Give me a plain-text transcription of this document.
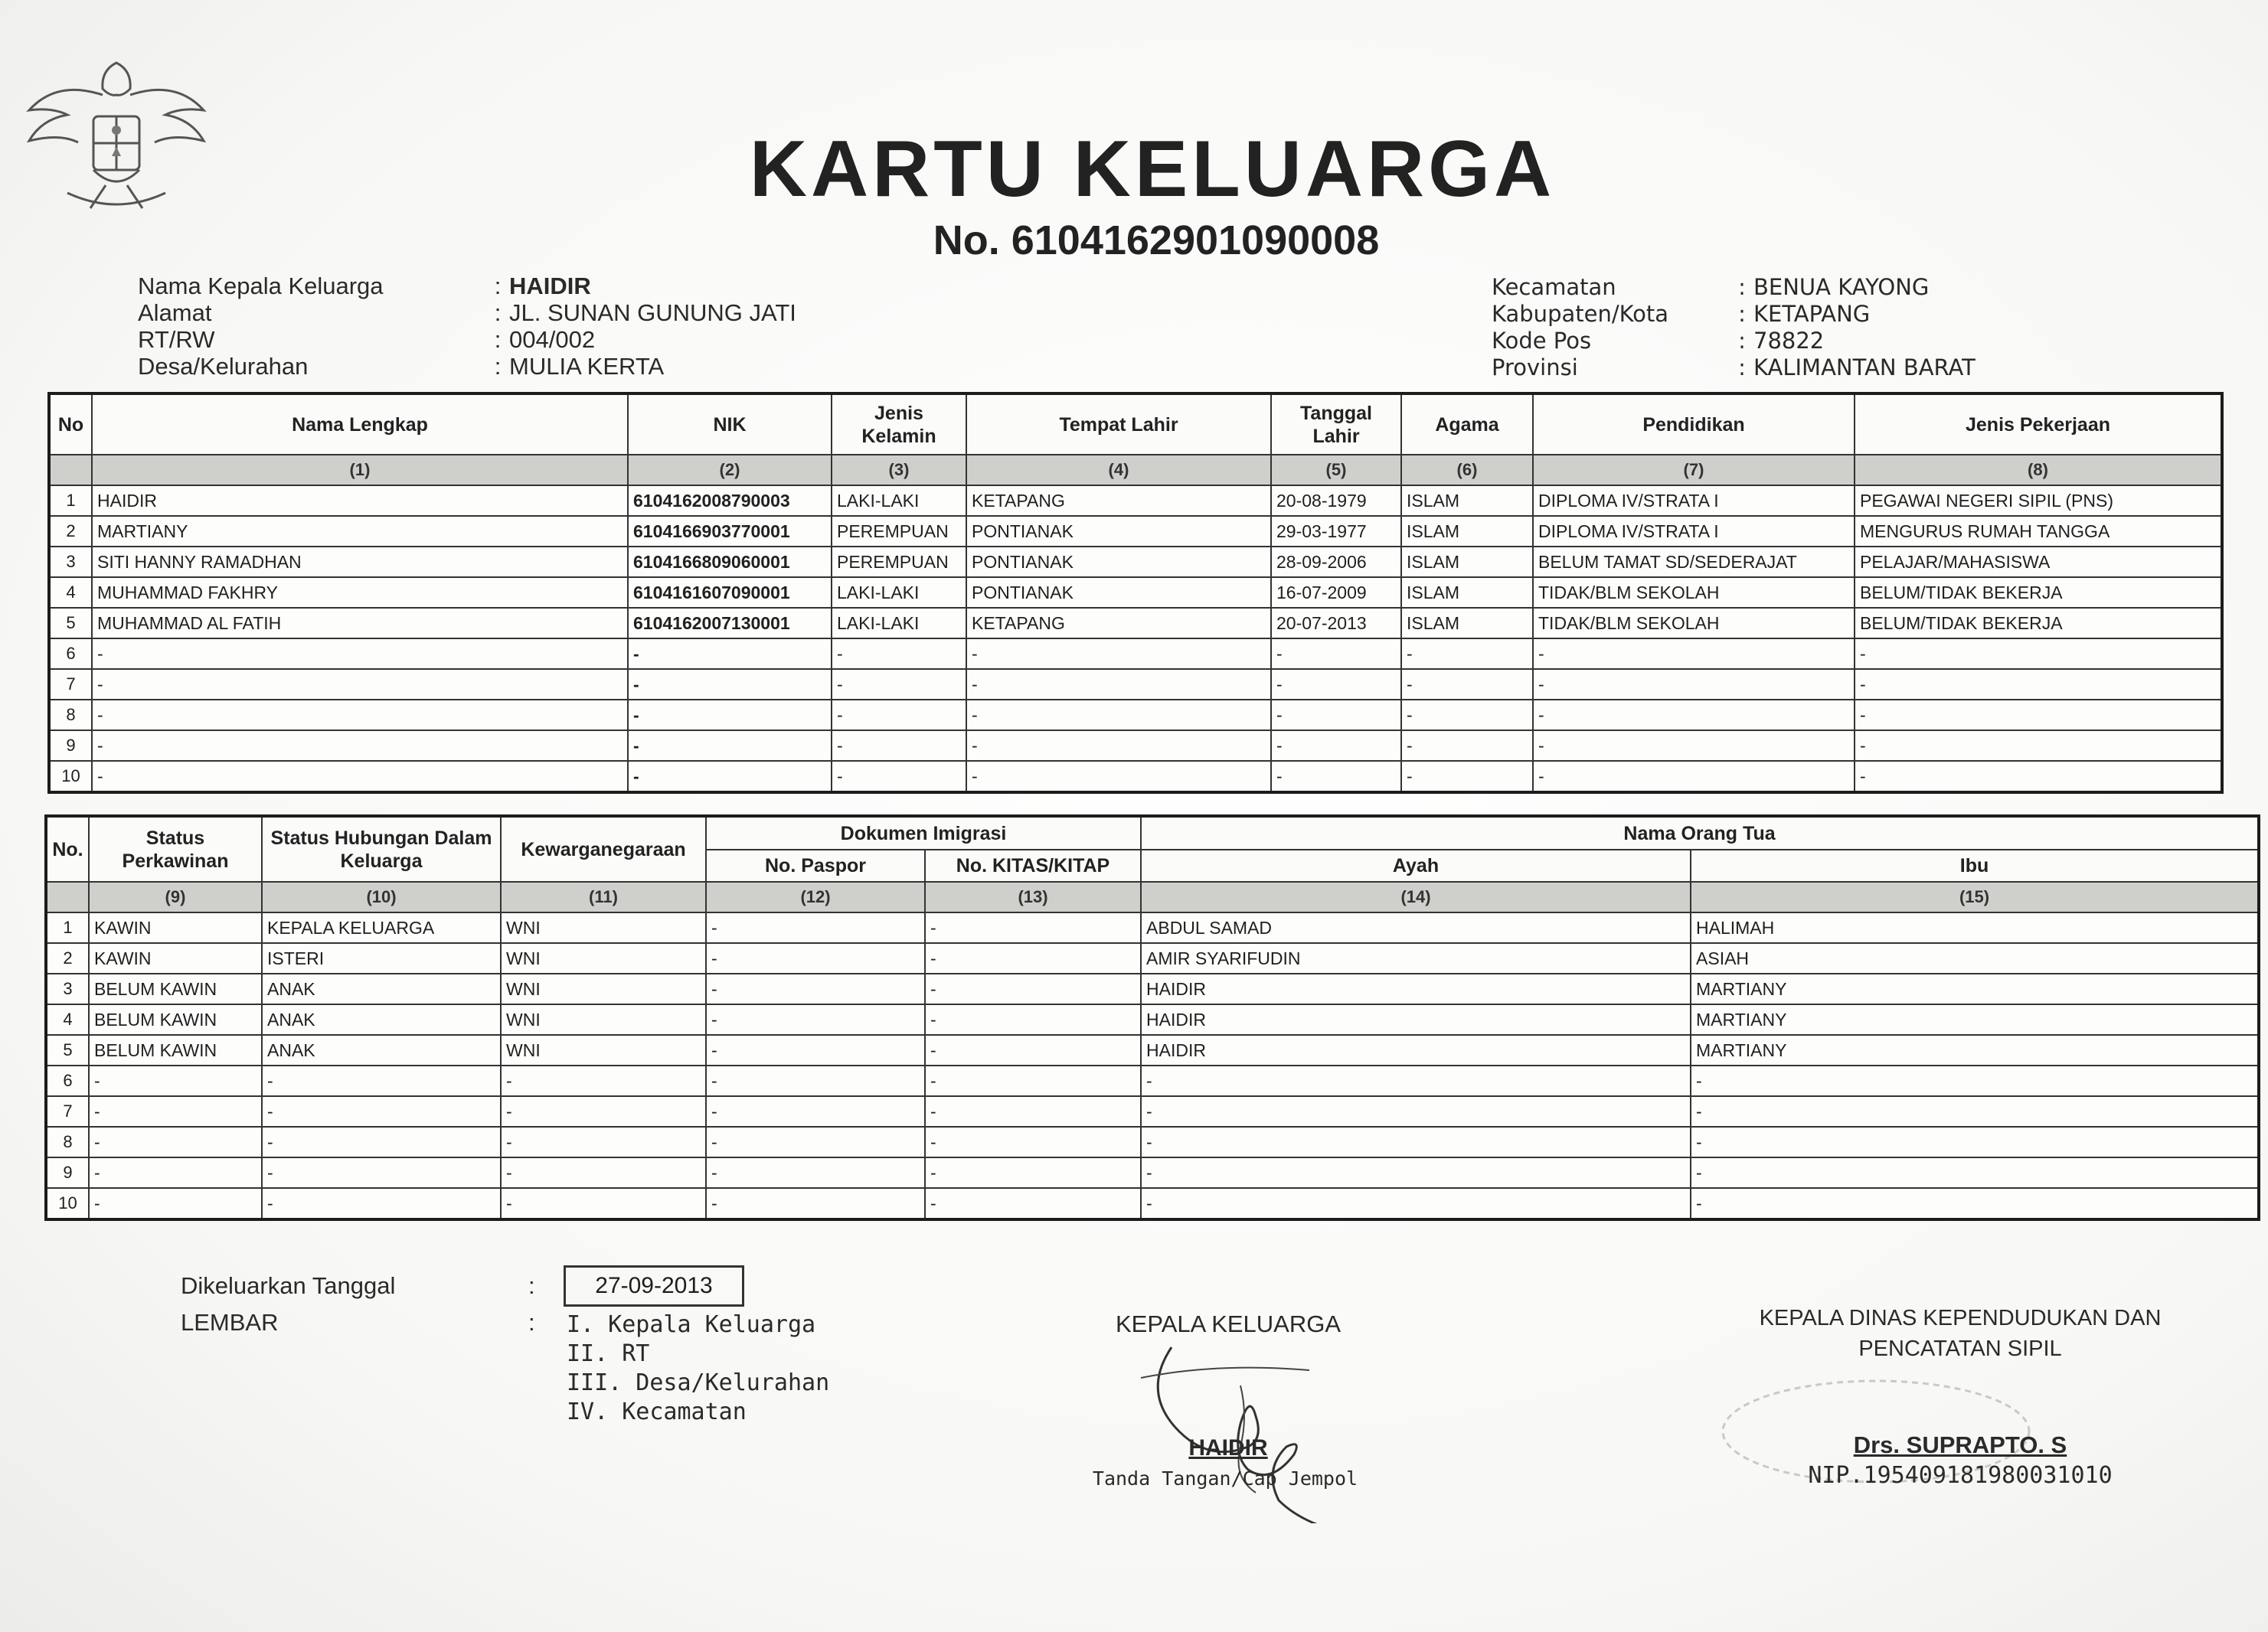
KARTU KELUARGA
No. 6104162901090008
Nama Kepala Keluarga	: HAIDIR
Alamat	: JL. SUNAN GUNUNG JATI
RT/RW	: 004/002
Desa/Kelurahan	: MULIA KERTA
Kecamatan	: BENUA KAYONG
Kabupaten/Kota	: KETAPANG
Kode Pos	: 78822
Provinsi	: KALIMANTAN BARAT
No	Nama Lengkap	NIK	Jenis Kelamin	Tempat Lahir	Tanggal Lahir	Agama	Pendidikan	Jenis Pekerjaan
	(1)	(2)	(3)	(4)	(5)	(6)	(7)	(8)
1	HAIDIR	6104162008790003	LAKI-LAKI	KETAPANG	20-08-1979	ISLAM	DIPLOMA IV/STRATA I	PEGAWAI NEGERI SIPIL (PNS)
2	MARTIANY	6104166903770001	PEREMPUAN	PONTIANAK	29-03-1977	ISLAM	DIPLOMA IV/STRATA I	MENGURUS RUMAH TANGGA
3	SITI HANNY RAMADHAN	6104166809060001	PEREMPUAN	PONTIANAK	28-09-2006	ISLAM	BELUM TAMAT SD/SEDERAJAT	PELAJAR/MAHASISWA
4	MUHAMMAD FAKHRY	6104161607090001	LAKI-LAKI	PONTIANAK	16-07-2009	ISLAM	TIDAK/BLM SEKOLAH	BELUM/TIDAK BEKERJA
5	MUHAMMAD AL FATIH	6104162007130001	LAKI-LAKI	KETAPANG	20-07-2013	ISLAM	TIDAK/BLM SEKOLAH	BELUM/TIDAK BEKERJA
6	-	-	-	-	-	-	-	-
7	-	-	-	-	-	-	-	-
8	-	-	-	-	-	-	-	-
9	-	-	-	-	-	-	-	-
10	-	-	-	-	-	-	-	-
No.	Status Perkawinan	Status Hubungan Dalam Keluarga	Kewarganegaraan	Dokumen Imigrasi		Nama Orang Tua	
				No. Paspor	No. KITAS/KITAP	Ayah	Ibu
	(9)	(10)	(11)	(12)	(13)	(14)	(15)
1	KAWIN	KEPALA KELUARGA	WNI	-	-	ABDUL SAMAD	HALIMAH
2	KAWIN	ISTERI	WNI	-	-	AMIR SYARIFUDIN	ASIAH
3	BELUM KAWIN	ANAK	WNI	-	-	HAIDIR	MARTIANY
4	BELUM KAWIN	ANAK	WNI	-	-	HAIDIR	MARTIANY
5	BELUM KAWIN	ANAK	WNI	-	-	HAIDIR	MARTIANY
6	-	-	-	-	-	-	-
7	-	-	-	-	-	-	-
8	-	-	-	-	-	-	-
9	-	-	-	-	-	-	-
10	-	-	-	-	-	-	-
Dikeluarkan Tanggal	:	27-09-2013
LEMBAR	: I. Kepala Keluarga
II. RT
III. Desa/Kelurahan
IV. Kecamatan
KEPALA KELUARGA
HAIDIR
Tanda Tangan/Cap Jempol
KEPALA DINAS KEPENDUDUKAN DAN
PENCATATAN SIPIL
Drs. SUPRAPTO. S
NIP.195409181980031010
